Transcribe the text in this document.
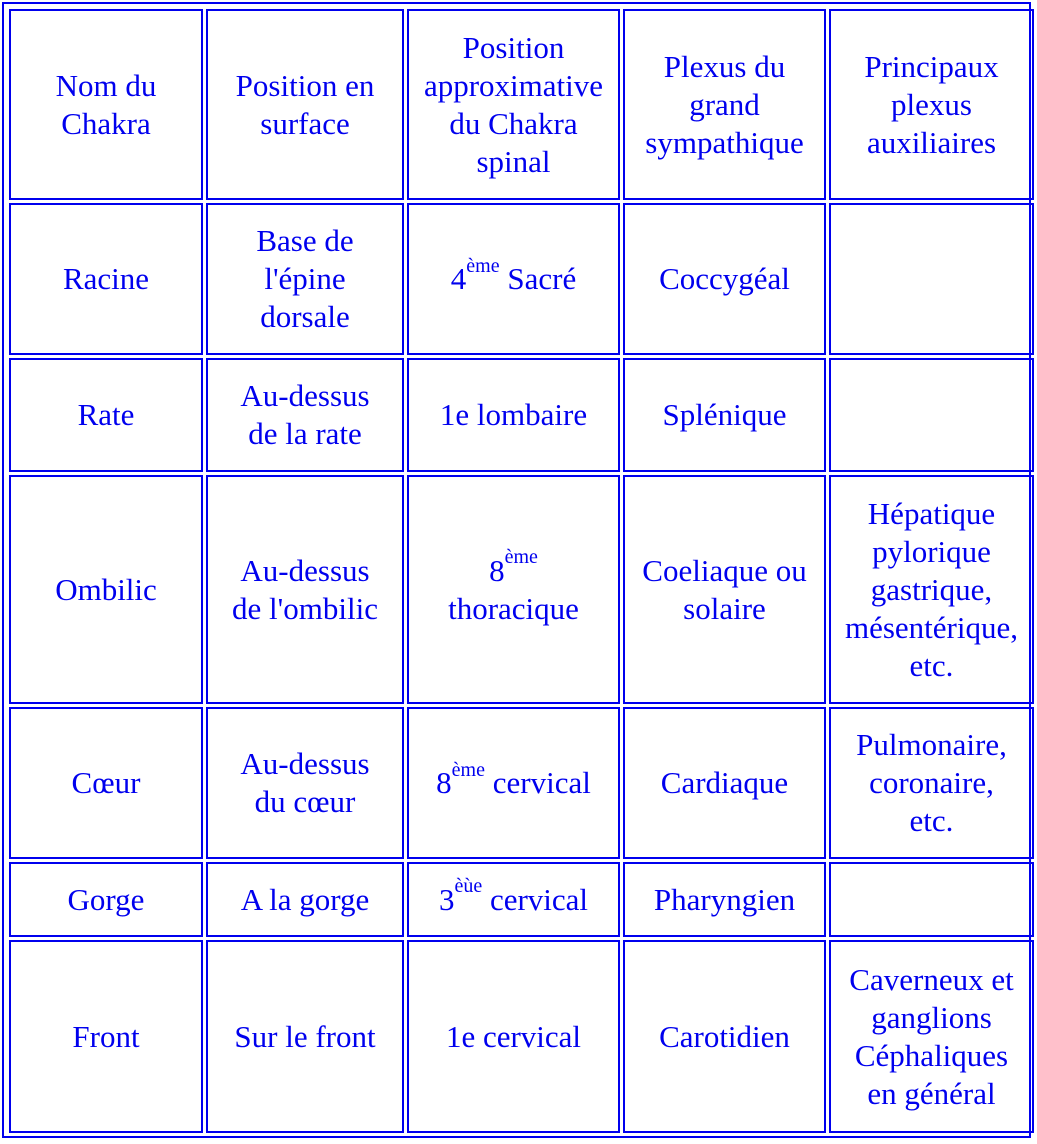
Nom du
Chakra	Position en
surface	Position
approximative
du Chakra
spinal	Plexus du
grand
sympathique	Principaux
plexus
auxiliaires

Racine	Base de
l'épine
dorsale	4ème Sacré	Coccygéal	

Rate	Au-dessus
de la rate	1e lombaire	Splénique	

Ombilic	Au-dessus
de l'ombilic	8ème
thoracique	Coeliaque ou
solaire	Hépatique
pylorique
gastrique,
mésentérique,
etc.

Cœur	Au-dessus
du cœur	8ème cervical	Cardiaque	Pulmonaire,
coronaire,
etc.

Gorge	A la gorge	$3^{èùe}$ cervical	Pharyngien	

Front	Sur le front	1e cervical	Carotidien	Caverneux et
ganglions
Céphaliques
en général
